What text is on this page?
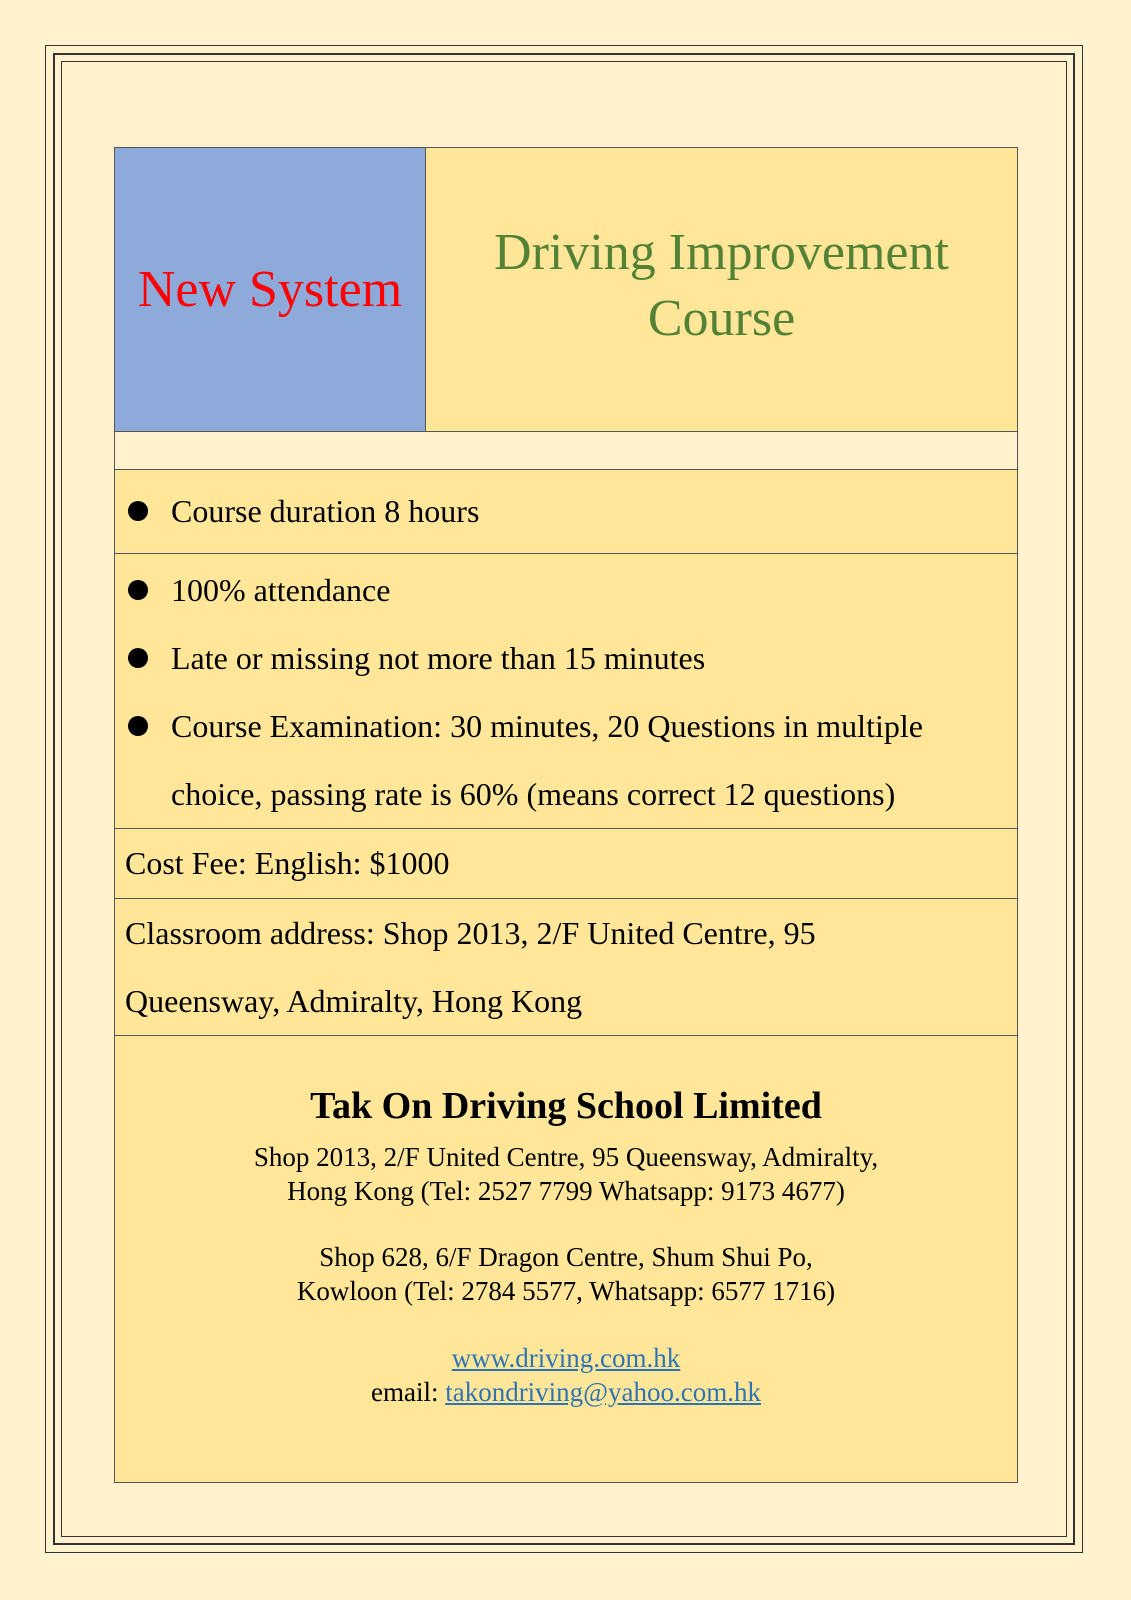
New System
Driving Improvement
Course
Course duration 8 hours
100% attendance
Late or missing not more than 15 minutes
Course Examination: 30 minutes, 20 Questions in multiple
choice, passing rate is 60% (means correct 12 questions)
Cost Fee: English: $1000
Classroom address: Shop 2013, 2/F United Centre, 95
Queensway, Admiralty, Hong Kong
Tak On Driving School Limited
Shop 2013, 2/F United Centre, 95 Queensway, Admiralty,
Hong Kong (Tel: 2527 7799 Whatsapp: 9173 4677)
Shop 628, 6/F Dragon Centre, Shum Shui Po,
Kowloon (Tel: 2784 5577, Whatsapp: 6577 1716)
www.driving.com.hk
email: takondriving@yahoo.com.hk
